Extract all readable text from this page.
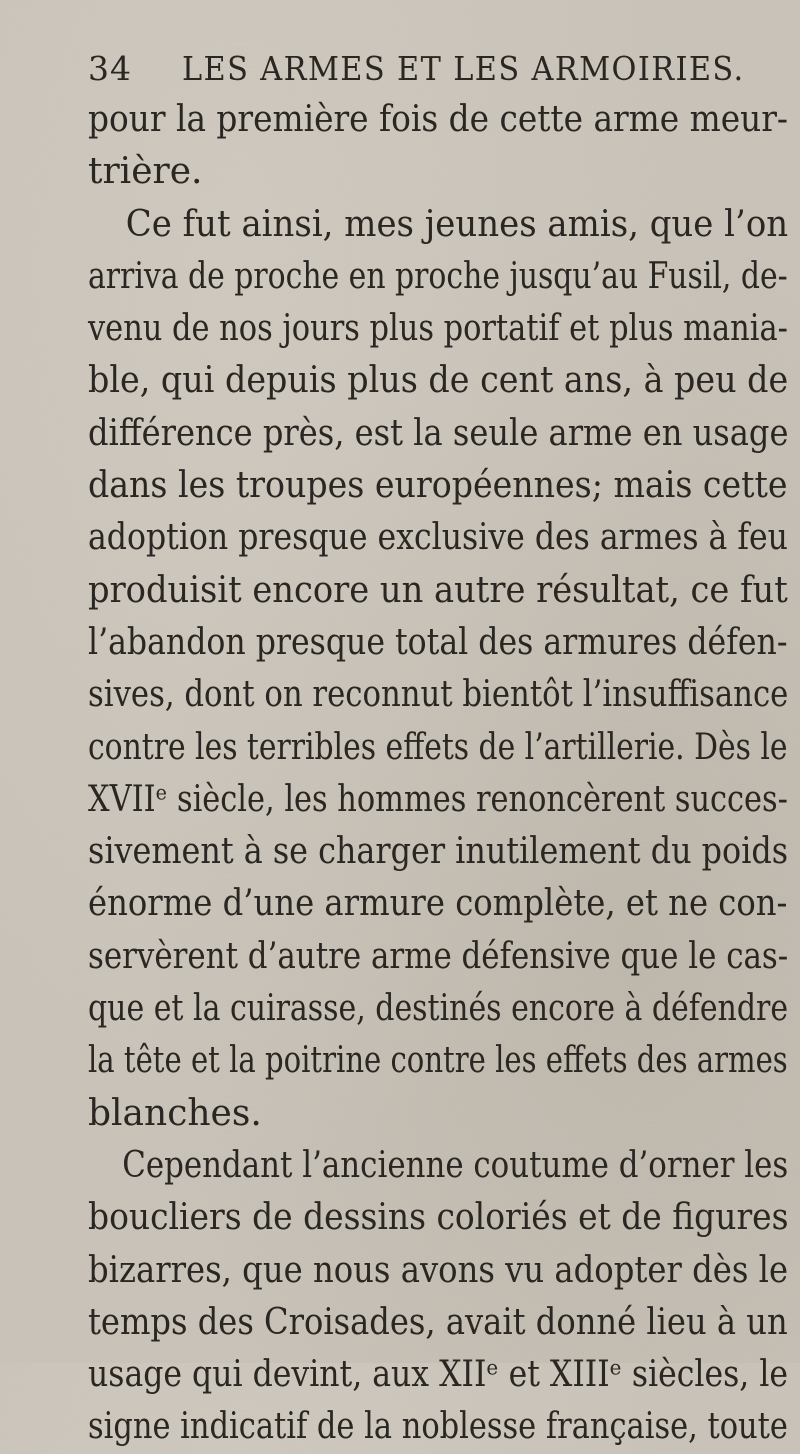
34 LES ARMES ET LES ARMOIRIES.
pour la première fois de cette arme meur-
trière.
Ce fut ainsi, mes jeunes amis, que l’on
arriva de proche en proche jusqu’au Fusil, de-
venu de nos jours plus portatif et plus mania-
ble, qui depuis plus de cent ans, à peu de
différence près, est la seule arme en usage
dans les troupes européennes; mais cette
adoption presque exclusive des armes à feu
produisit encore un autre résultat, ce fut
l’abandon presque total des armures défen-
sives, dont on reconnut bientôt l’insuffisance
contre les terribles effets de l’artillerie. Dès le
XVIIᵉ siècle, les hommes renoncèrent succes-
sivement à se charger inutilement du poids
énorme d’une armure complète, et ne con-
servèrent d’autre arme défensive que le cas-
que et la cuirasse, destinés encore à défendre
la tête et la poitrine contre les effets des armes
blanches.
Cependant l’ancienne coutume d’orner les
boucliers de dessins coloriés et de figures
bizarres, que nous avons vu adopter dès le
temps des Croisades, avait donné lieu à un
usage qui devint, aux XIIᵉ et XIIIᵉ siècles, le
signe indicatif de la noblesse française, toute
